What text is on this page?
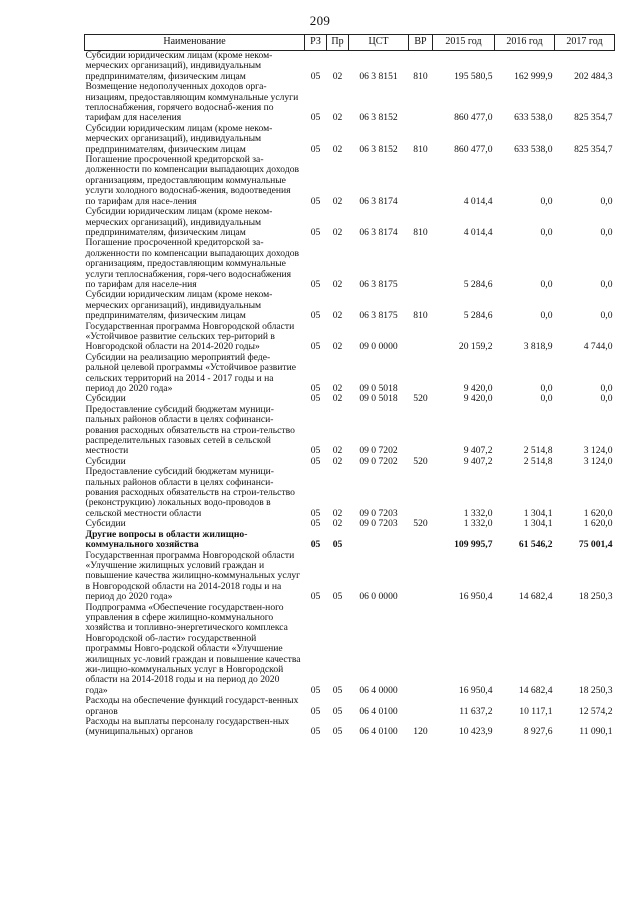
209
Наименование	РЗ	Пр	ЦСТ	ВР	2015 год	2016 год	2017 год
Субсидии юридическим лицам (кроме неком-мерческих организаций), индивидуальным предпринимателям, физическим лицам	05	02	06 3 8151	810	195 580,5	162 999,9	202 484,3
Возмещение недополученных доходов орга-низациям, предоставляющим коммунальные услуги теплоснабжения, горячего водоснаб-жения по тарифам для населения	05	02	06 3 8152		860 477,0	633 538,0	825 354,7
Субсидии юридическим лицам (кроме неком-мерческих организаций), индивидуальным предпринимателям, физическим лицам	05	02	06 3 8152	810	860 477,0	633 538,0	825 354,7
Погашение просроченной кредиторской за-долженности по компенсации выпадающих доходов организациям, предоставляющим коммунальные услуги холодного водоснаб-жения, водоотведения по тарифам для насе-ления	05	02	06 3 8174		4 014,4	0,0	0,0
Субсидии юридическим лицам (кроме неком-мерческих организаций), индивидуальным предпринимателям, физическим лицам	05	02	06 3 8174	810	4 014,4	0,0	0,0
Погашение просроченной кредиторской за-долженности по компенсации выпадающих доходов организациям, предоставляющим коммунальные услуги теплоснабжения, горя-чего водоснабжения по тарифам для населе-ния	05	02	06 3 8175		5 284,6	0,0	0,0
Субсидии юридическим лицам (кроме неком-мерческих организаций), индивидуальным предпринимателям, физическим лицам	05	02	06 3 8175	810	5 284,6	0,0	0,0
Государственная программа Новгородской области «Устойчивое развитие сельских тер-риторий в Новгородской области на 2014-2020 годы»	05	02	09 0 0000		20 159,2	3 818,9	4 744,0
Субсидии на реализацию мероприятий феде-ральной целевой программы «Устойчивое развитие сельских территорий на 2014 - 2017 годы и на период до 2020 года»	05	02	09 0 5018		9 420,0	0,0	0,0
Субсидии	05	02	09 0 5018	520	9 420,0	0,0	0,0
Предоставление субсидий бюджетам муници-пальных районов области в целях софинанси-рования расходных обязательств на строи-тельство распределительных газовых сетей в сельской местности	05	02	09 0 7202		9 407,2	2 514,8	3 124,0
Субсидии	05	02	09 0 7202	520	9 407,2	2 514,8	3 124,0
Предоставление субсидий бюджетам муници-пальных районов области в целях софинанси-рования расходных обязательств на строи-тельство (реконструкцию) локальных водо-проводов в сельской местности области	05	02	09 0 7203		1 332,0	1 304,1	1 620,0
Субсидии	05	02	09 0 7203	520	1 332,0	1 304,1	1 620,0
Другие вопросы в области жилищно-коммунального хозяйства	05	05			109 995,7	61 546,2	75 001,4
Государственная программа Новгородской области «Улучшение жилищных условий граждан и повышение качества жилищно-коммунальных услуг в Новгородской области на 2014-2018 годы и на период до 2020 года»	05	05	06 0 0000		16 950,4	14 682,4	18 250,3
Подпрограмма «Обеспечение государствен-ного управления в сфере жилищно-коммунального хозяйства и топливно-энергетического комплекса Новгородской об-ласти» государственной программы Новго-родской области «Улучшение жилищных ус-ловий граждан и повышение качества жи-лищно-коммунальных услуг в Новгородской области на 2014-2018 годы и на период до 2020 года»	05	05	06 4 0000		16 950,4	14 682,4	18 250,3
Расходы на обеспечение функций государст-венных органов	05	05	06 4 0100		11 637,2	10 117,1	12 574,2
Расходы на выплаты персоналу государствен-ных (муниципальных) органов	05	05	06 4 0100	120	10 423,9	8 927,6	11 090,1
